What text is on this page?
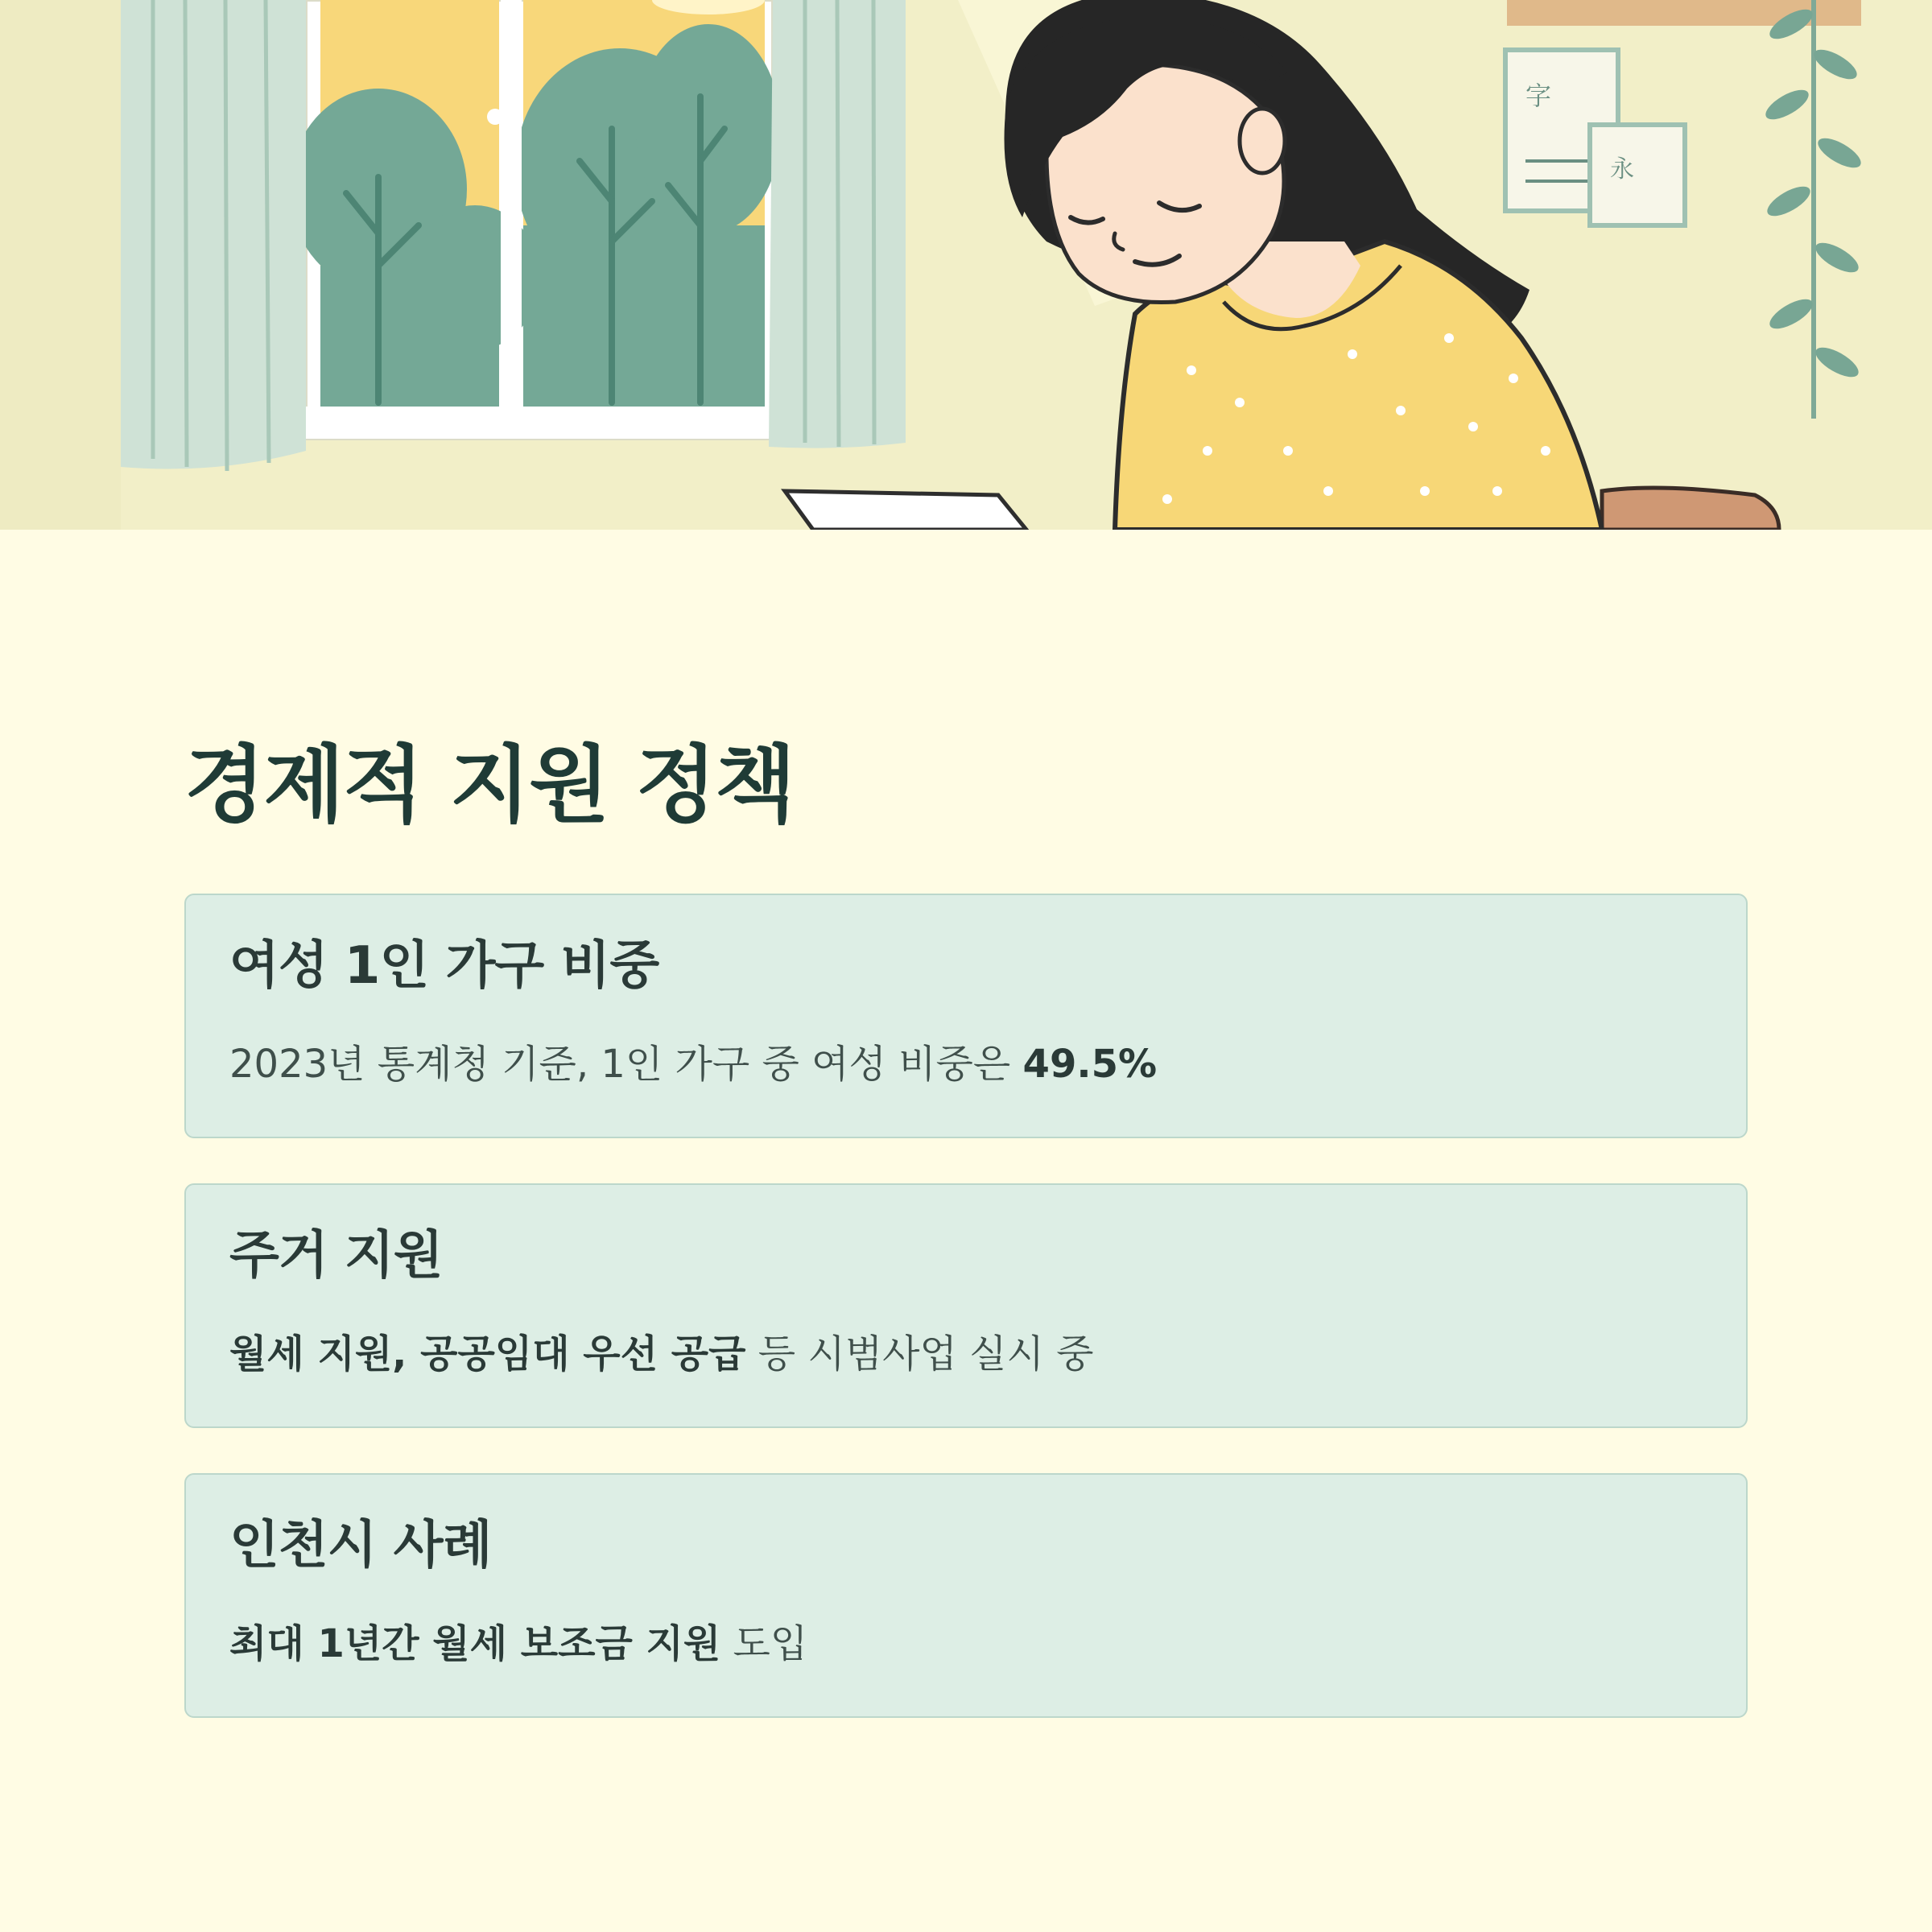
字
永
경제적 지원 정책
여성 1인 가구 비중
2023년 통계청 기준, 1인 가구 중 여성 비중은 49.5%
주거 지원
월세 지원, 공공임대 우선 공급 등 시범사업 실시 중
인천시 사례
최대 1년간 월세 보조금 지원 도입
